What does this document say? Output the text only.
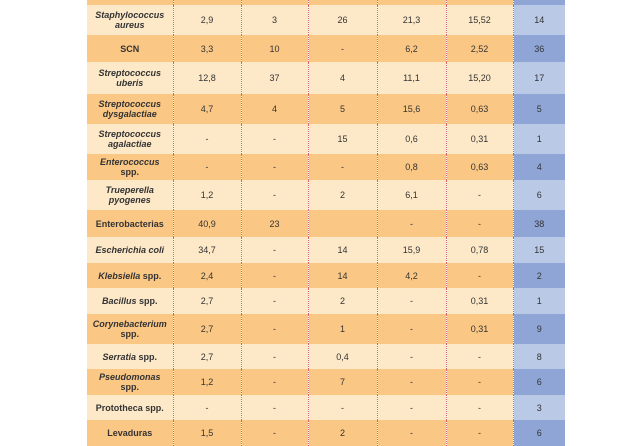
Staphylococcus
aureus	2,9	3	26	21,3	15,52	14
SCN	3,3	10	-	6,2	2,52	36
Streptococcus
uberis	12,8	37	4	11,1	15,20	17
Streptococcus
dysgalactiae	4,7	4	5	15,6	0,63	5
Streptococcus
agalactiae	-	-	15	0,6	0,31	1
Enterococcus spp.	-	-	-	0,8	0,63	4
Trueperella
pyogenes	1,2	-	2	6,1	-	6
Enterobacterias	40,9	23		-	-	38
Escherichia coli	34,7	-	14	15,9	0,78	15
Klebsiella spp.	2,4	-	14	4,2	-	2
Bacillus spp.	2,7	-	2	-	0,31	1
Corynebacterium spp.	2,7	-	1	-	0,31	9
Serratia spp.	2,7	-	0,4	-	-	8
Pseudomonas spp.	1,2	-	7	-	-	6
Prototheca spp.	-	-	-	-	-	3
Levaduras	1,5	-	2	-	-	6
